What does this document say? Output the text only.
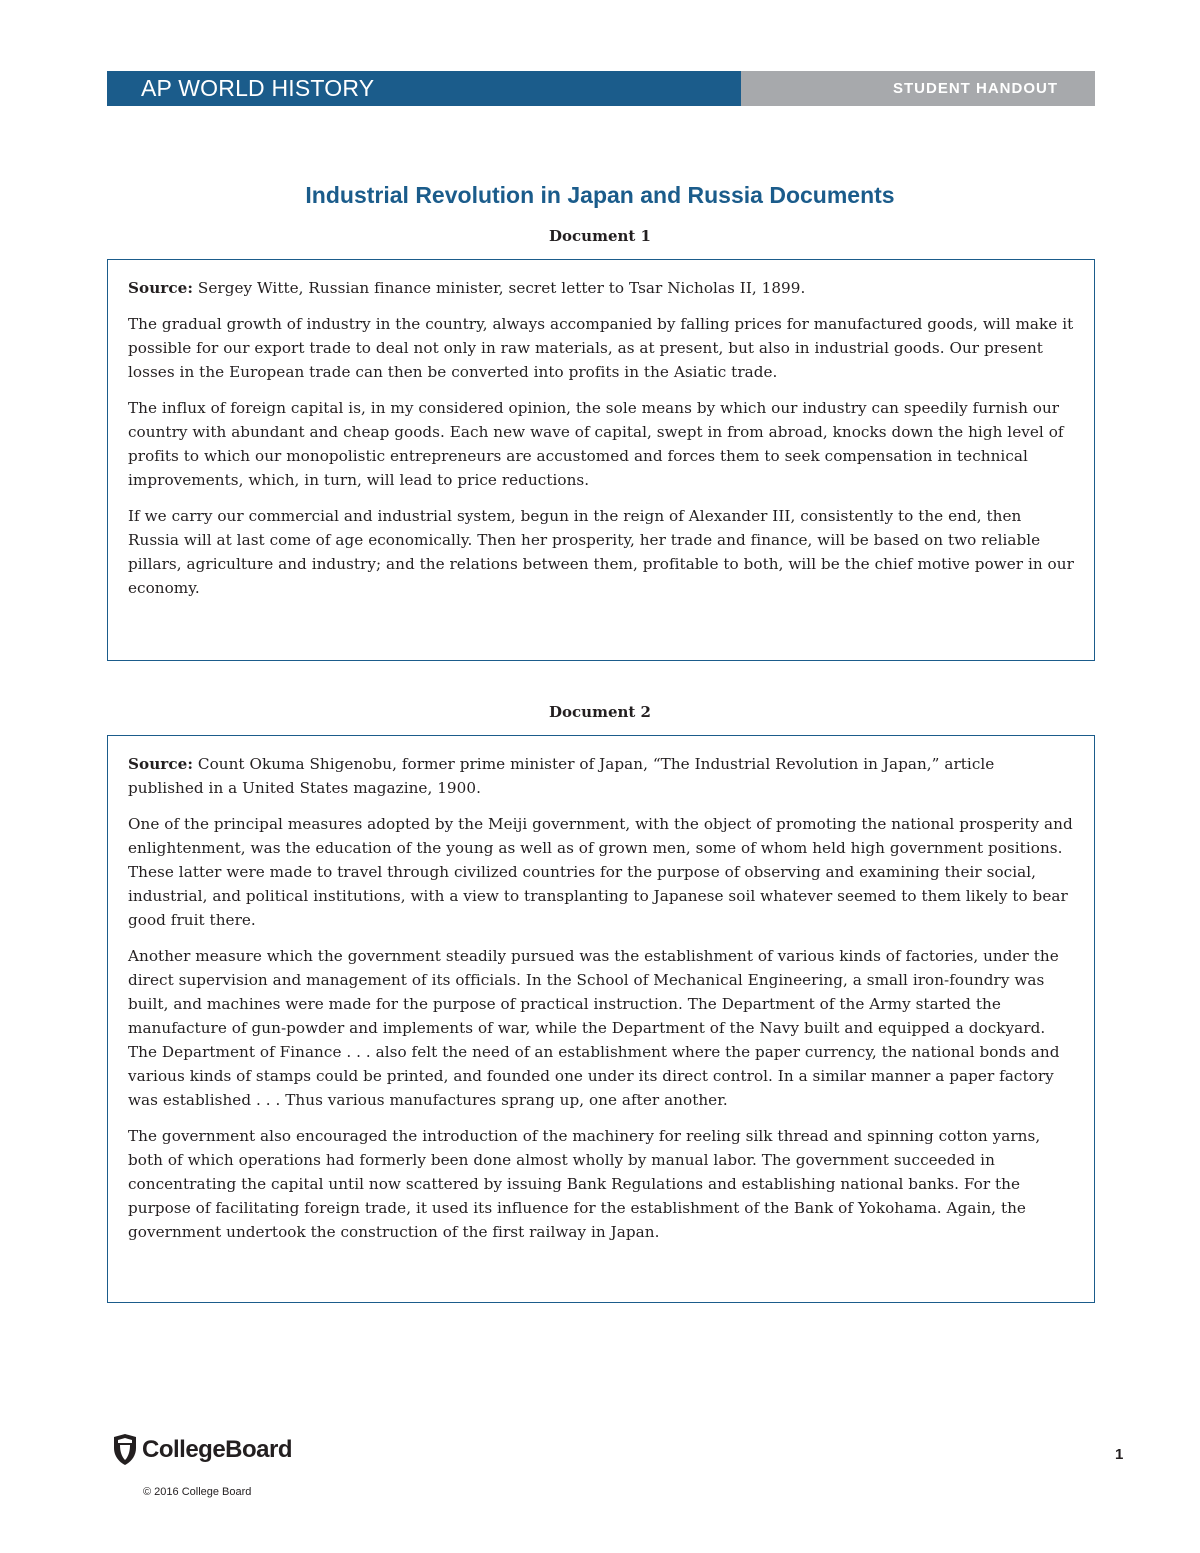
AP WORLD HISTORY	STUDENT HANDOUT
Industrial Revolution in Japan and Russia Documents
Document 1

Source: Sergey Witte, Russian finance minister, secret letter to Tsar Nicholas II, 1899.

The gradual growth of industry in the country, always accompanied by falling prices for manufactured goods, will make it possible for our export trade to deal not only in raw materials, as at present, but also in industrial goods. Our present losses in the European trade can then be converted into profits in the Asiatic trade.

The influx of foreign capital is, in my considered opinion, the sole means by which our industry can speedily furnish our country with abundant and cheap goods. Each new wave of capital, swept in from abroad, knocks down the high level of profits to which our monopolistic entrepreneurs are accustomed and forces them to seek compensation in technical improvements, which, in turn, will lead to price reductions.

If we carry our commercial and industrial system, begun in the reign of Alexander III, consistently to the end, then Russia will at last come of age economically. Then her prosperity, her trade and finance, will be based on two reliable pillars, agriculture and industry; and the relations between them, profitable to both, will be the chief motive power in our economy.

Document 2

Source: Count Okuma Shigenobu, former prime minister of Japan, “The Industrial Revolution in Japan,” article published in a United States magazine, 1900.

One of the principal measures adopted by the Meiji government, with the object of promoting the national prosperity and enlightenment, was the education of the young as well as of grown men, some of whom held high government positions. These latter were made to travel through civilized countries for the purpose of observing and examining their social, industrial, and political institutions, with a view to transplanting to Japanese soil whatever seemed to them likely to bear good fruit there.

Another measure which the government steadily pursued was the establishment of various kinds of factories, under the direct supervision and management of its officials. In the School of Mechanical Engineering, a small iron-foundry was built, and machines were made for the purpose of practical instruction. The Department of the Army started the manufacture of gun-powder and implements of war, while the Department of the Navy built and equipped a dockyard. The Department of Finance . . . also felt the need of an establishment where the paper currency, the national bonds and various kinds of stamps could be printed, and founded one under its direct control. In a similar manner a paper factory was established . . . Thus various manufactures sprang up, one after another.

The government also encouraged the introduction of the machinery for reeling silk thread and spinning cotton yarns, both of which operations had formerly been done almost wholly by manual labor. The government succeeded in concentrating the capital until now scattered by issuing Bank Regulations and establishing national banks. For the purpose of facilitating foreign trade, it used its influence for the establishment of the Bank of Yokohama. Again, the government undertook the construction of the first railway in Japan.

CollegeBoard
© 2016 College Board
1
